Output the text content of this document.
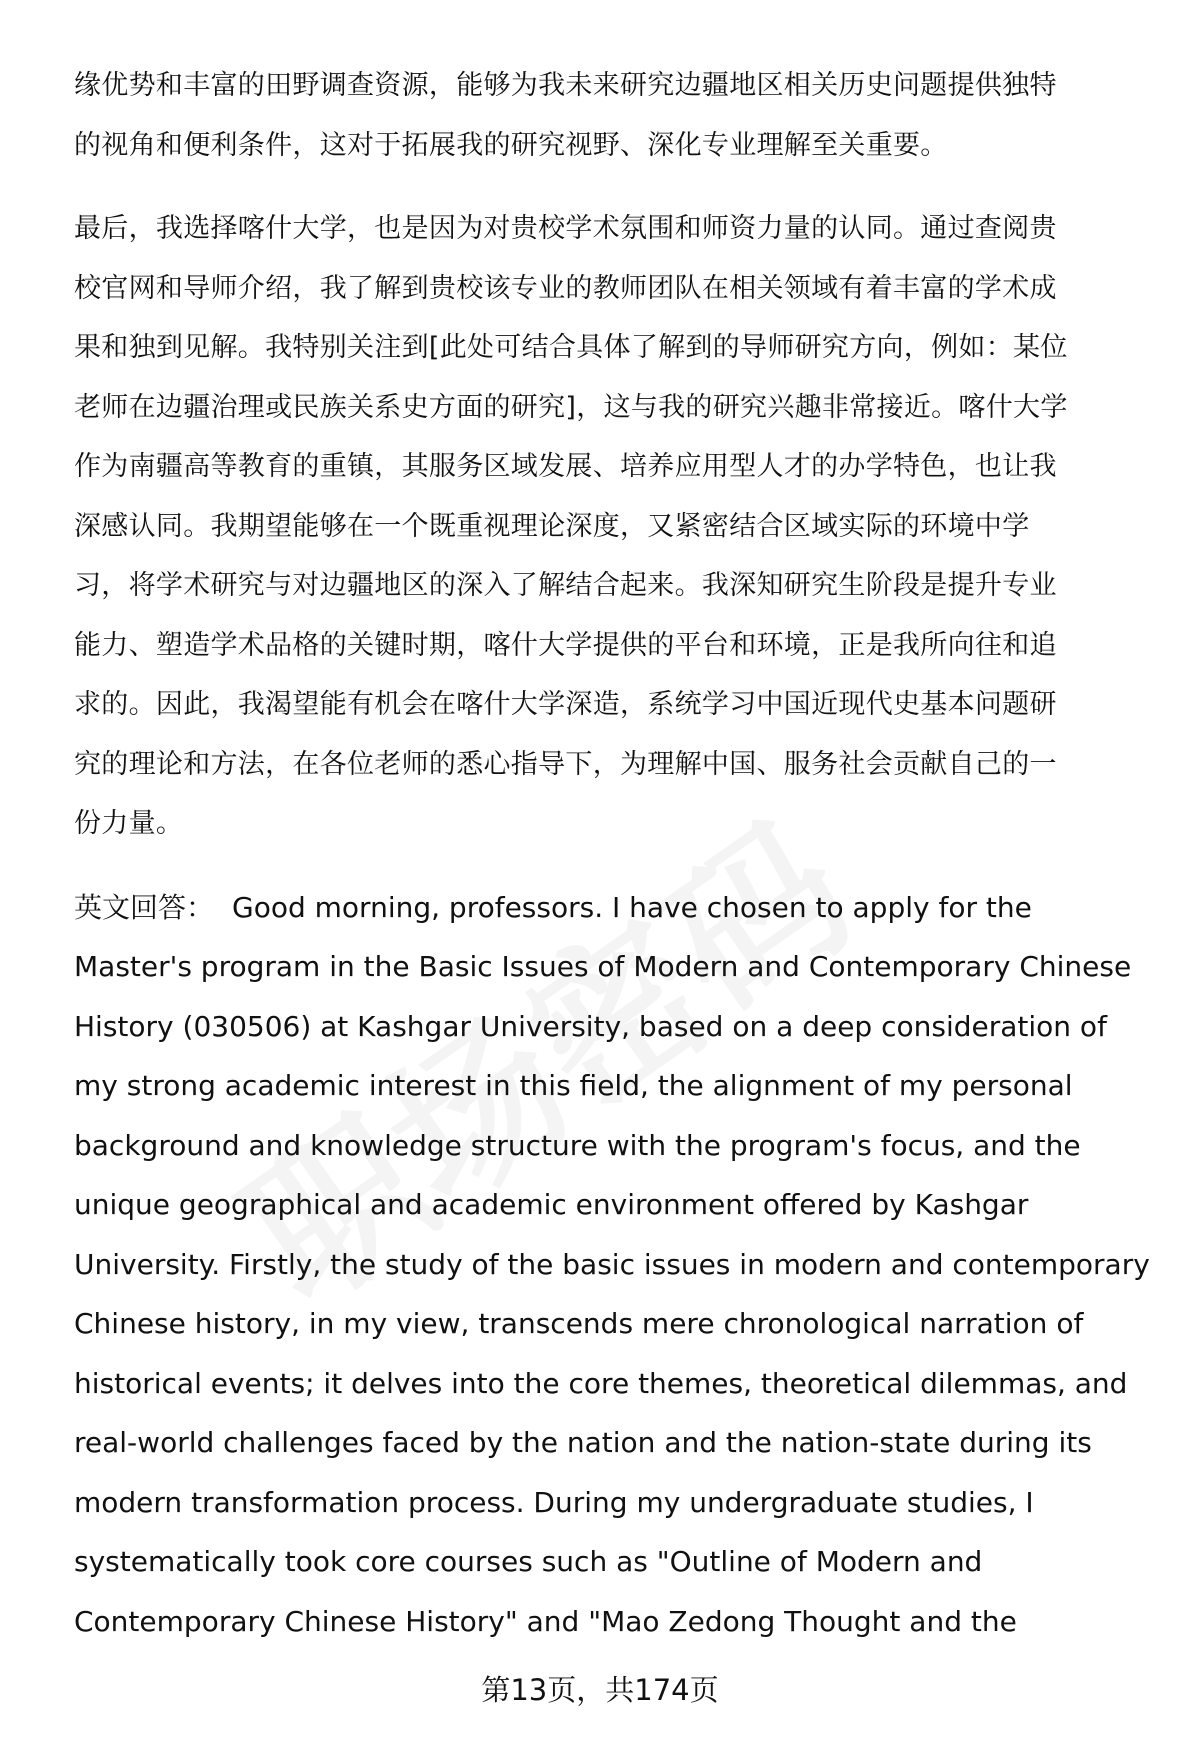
缘优势和丰富的田野调查资源，能够为我未来研究边疆地区相关历史问题提供独特
的视角和便利条件，这对于拓展我的研究视野、深化专业理解至关重要。
最后，我选择喀什大学，也是因为对贵校学术氛围和师资力量的认同。通过查阅贵
校官网和导师介绍，我了解到贵校该专业的教师团队在相关领域有着丰富的学术成
果和独到见解。我特别关注到[此处可结合具体了解到的导师研究方向，例如：某位
老师在边疆治理或民族关系史方面的研究]，这与我的研究兴趣非常接近。喀什大学
作为南疆高等教育的重镇，其服务区域发展、培养应用型人才的办学特色，也让我
深感认同。我期望能够在一个既重视理论深度，又紧密结合区域实际的环境中学
习，将学术研究与对边疆地区的深入了解结合起来。我深知研究生阶段是提升专业
能力、塑造学术品格的关键时期，喀什大学提供的平台和环境，正是我所向往和追
求的。因此，我渴望能有机会在喀什大学深造，系统学习中国近现代史基本问题研
究的理论和方法，在各位老师的悉心指导下，为理解中国、服务社会贡献自己的一
份力量。
英文回答： Good morning, professors. I have chosen to apply for the
Master's program in the Basic Issues of Modern and Contemporary Chinese
History (030506) at Kashgar University, based on a deep consideration of
my strong academic interest in this field, the alignment of my personal
background and knowledge structure with the program's focus, and the
unique geographical and academic environment offered by Kashgar
University. Firstly, the study of the basic issues in modern and contemporary
Chinese history, in my view, transcends mere chronological narration of
historical events; it delves into the core themes, theoretical dilemmas, and
real-world challenges faced by the nation and the nation-state during its
modern transformation process. During my undergraduate studies, I
systematically took core courses such as "Outline of Modern and
Contemporary Chinese History" and "Mao Zedong Thought and the
第13页，共174页
